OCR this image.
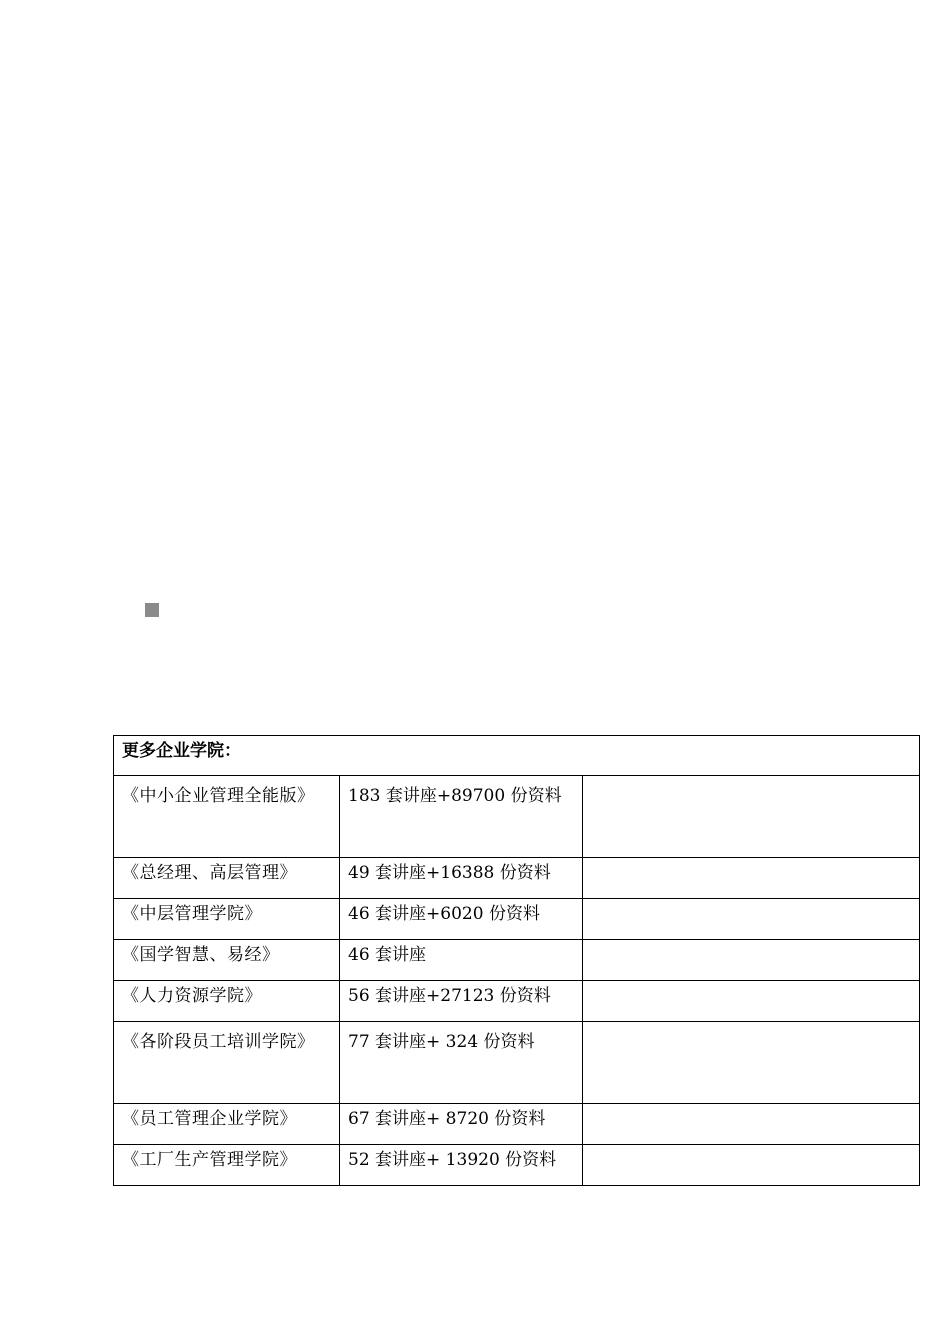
更多企业学院：		
《中小企业管理全能版》	183 套讲座+89700 份资料	
《总经理、高层管理》	49 套讲座+16388 份资料	
《中层管理学院》	46 套讲座+6020 份资料	
《国学智慧、易经》	46 套讲座	
《人力资源学院》	56 套讲座+27123 份资料	
《各阶段员工培训学院》	77 套讲座+ 324 份资料	
《员工管理企业学院》	67 套讲座+ 8720 份资料	
《工厂生产管理学院》	52 套讲座+ 13920 份资料	
